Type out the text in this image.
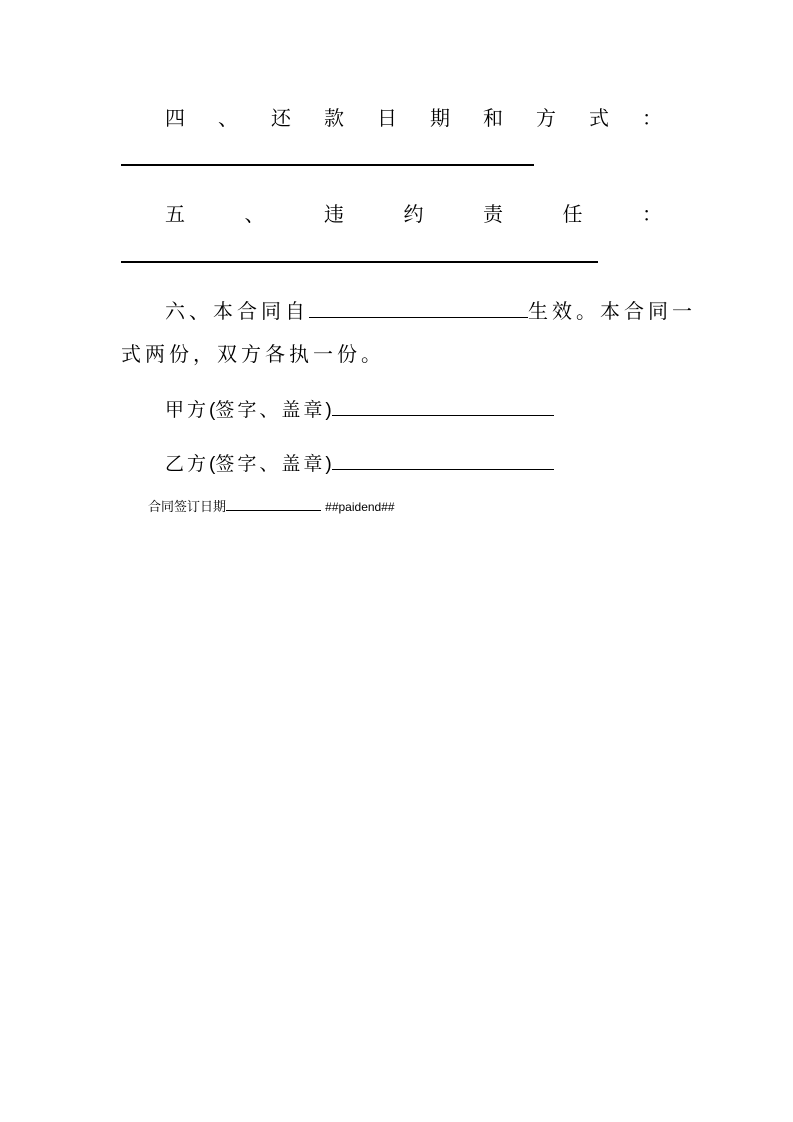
四 、 还 款 日 期 和 方 式 ：
五	、	违	约	责	任	：
六、本合同自	生效。本合同一
式两份，双方各执一份。
甲方(签字、盖章)
乙方(签字、盖章)
合同签订日期	##paidend##
